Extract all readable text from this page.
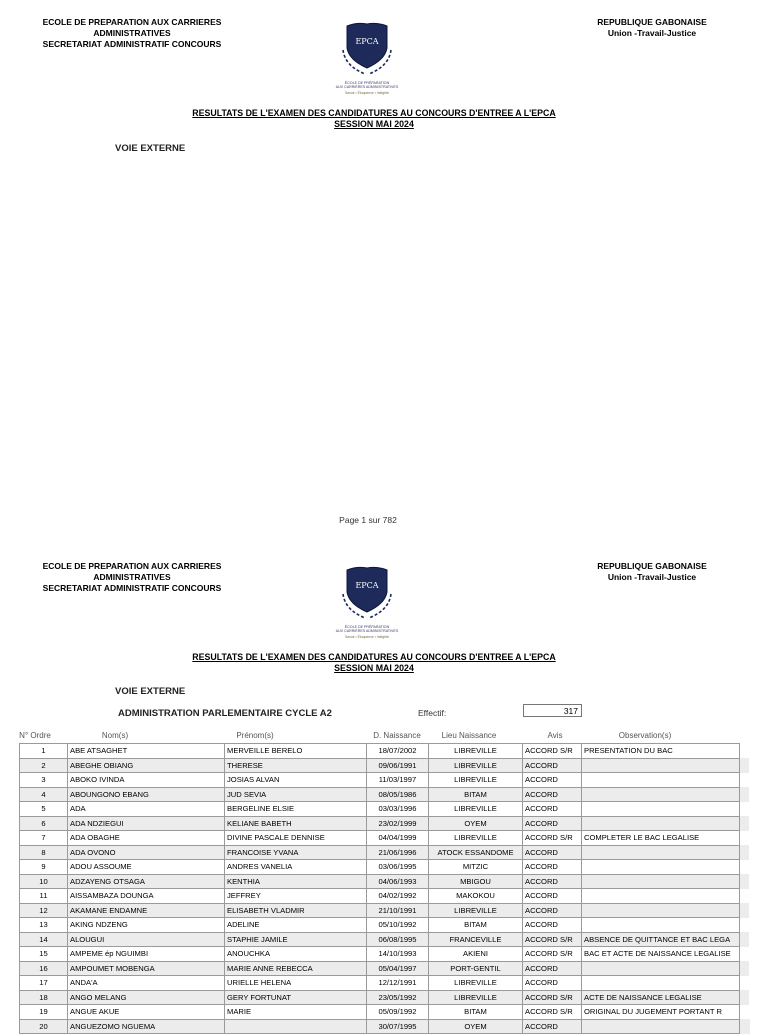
ECOLE DE PREPARATION AUX CARRIERES ADMINISTRATIVES
SECRETARIAT ADMINISTRATIF CONCOURS
REPUBLIQUE GABONAISE
Union -Travail-Justice
EPCA
ÉCOLE DE PRÉPARATION
AUX CARRIÈRES ADMINISTRATIVES
Savoir • Éloquence • Intégrité
RESULTATS DE L'EXAMEN DES CANDIDATURES AU CONCOURS D'ENTREE A L'EPCA
SESSION MAI 2024
VOIE EXTERNE
Page 1 sur 782
ECOLE DE PREPARATION AUX CARRIERES ADMINISTRATIVES
SECRETARIAT ADMINISTRATIF CONCOURS
REPUBLIQUE GABONAISE
Union -Travail-Justice
EPCA
ÉCOLE DE PRÉPARATION
AUX CARRIÈRES ADMINISTRATIVES
Savoir • Éloquence • Intégrité
RESULTATS DE L'EXAMEN DES CANDIDATURES AU CONCOURS D'ENTREE A L'EPCA
SESSION MAI 2024
VOIE EXTERNE
ADMINISTRATION PARLEMENTAIRE CYCLE A2	Effectif:	317
N° Ordre	Nom(s)	Prénom(s)	D. Naissance	Lieu Naissance	Avis	Observation(s)
1	ABE ATSAGHET	MERVEILLE BERELO	18/07/2002	LIBREVILLE	ACCORD S/R	PRESENTATION DU BAC	
2	ABEGHE OBIANG	THERESE	09/06/1991	LIBREVILLE	ACCORD		
3	ABOKO IVINDA	JOSIAS ALVAN	11/03/1997	LIBREVILLE	ACCORD		
4	ABOUNGONO EBANG	JUD SEVIA	08/05/1986	BITAM	ACCORD		
5	ADA	BERGELINE ELSIE	03/03/1996	LIBREVILLE	ACCORD		
6	ADA NDZIEGUI	KELIANE BABETH	23/02/1999	OYEM	ACCORD		
7	ADA OBAGHE	DIVINE PASCALE DENNISE	04/04/1999	LIBREVILLE	ACCORD S/R	COMPLETER LE BAC LEGALISE	
8	ADA OVONO	FRANCOISE YVANA	21/06/1996	ATOCK ESSANDOME	ACCORD		
9	ADOU ASSOUME	ANDRES VANELIA	03/06/1995	MITZIC	ACCORD		
10	ADZAYENG OTSAGA	KENTHIA	04/06/1993	MBIGOU	ACCORD		
11	AISSAMBAZA DOUNGA	JEFFREY	04/02/1992	MAKOKOU	ACCORD		
12	AKAMANE ENDAMNE	ELISABETH VLADMIR	21/10/1991	LIBREVILLE	ACCORD		
13	AKING NDZENG	ADELINE	05/10/1992	BITAM	ACCORD		
14	ALOUGUI	STAPHIE JAMILE	06/08/1995	FRANCEVILLE	ACCORD S/R	ABSENCE DE QUITTANCE ET BAC LEGA	
15	AMPEME ép NGUIMBI	ANOUCHKA	14/10/1993	AKIENI	ACCORD S/R	BAC ET ACTE DE NAISSANCE LEGALISE	
16	AMPOUMET MOBENGA	MARIE ANNE REBECCA	05/04/1997	PORT-GENTIL	ACCORD		
17	ANDA'A	URIELLE HELENA	12/12/1991	LIBREVILLE	ACCORD		
18	ANGO MELANG	GERY FORTUNAT	23/05/1992	LIBREVILLE	ACCORD S/R	ACTE DE NAISSANCE LEGALISE	
19	ANGUE AKUE	MARIE	05/09/1992	BITAM	ACCORD S/R	ORIGINAL DU JUGEMENT PORTANT R	
20	ANGUEZOMO NGUEMA		30/07/1995	OYEM	ACCORD		
